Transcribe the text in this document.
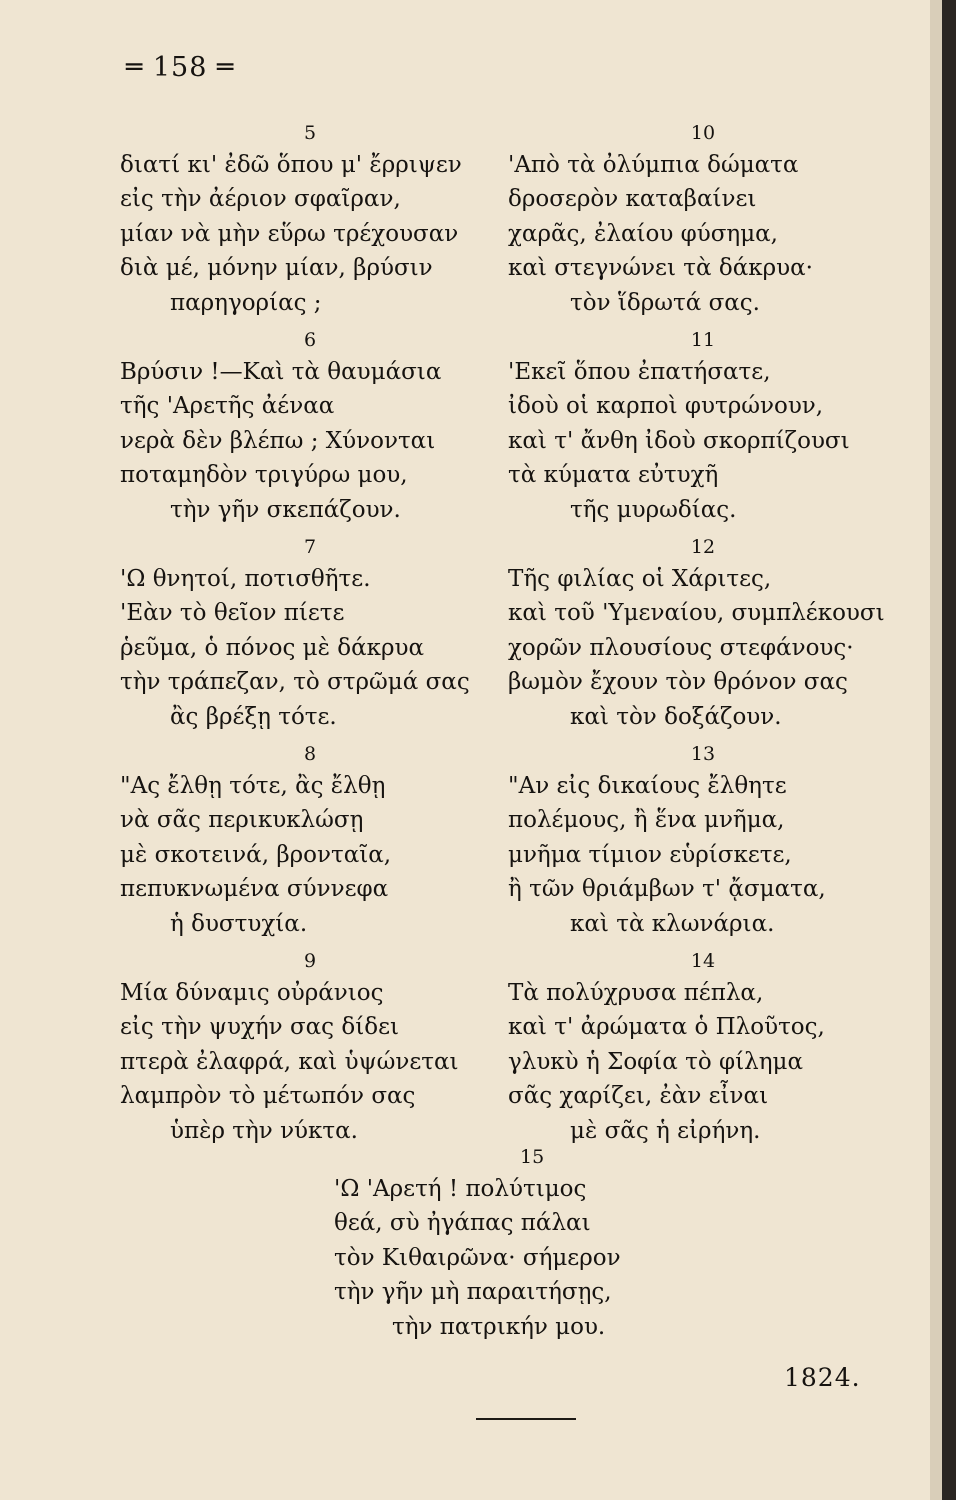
═ 158 ═
5
διατί κι' ἐδῶ ὅπου μ' ἔρριψεν
εἰς τὴν ἀέριον σφαῖραν,
μίαν νὰ μὴν εὕρω τρέχουσαν
διὰ μέ, μόνην μίαν, βρύσιν
παρηγορίας ;
6
Βρύσιν !—Καὶ τὰ θαυμάσια
τῆς 'Αρετῆς ἀέναα
νερὰ δὲν βλέπω ; Χύνονται
ποταμηδὸν τριγύρω μου,
τὴν γῆν σκεπάζουν.
7
'Ω θνητοί, ποτισθῆτε.
'Εὰν τὸ θεῖον πίετε
ῥεῦμα, ὁ πόνος μὲ δάκρυα
τὴν τράπεζαν, τὸ στρῶμά σας
ἂς βρέξῃ τότε.
8
"Ας ἔλθῃ τότε, ἂς ἔλθῃ
νὰ σᾶς περικυκλώσῃ
μὲ σκοτεινά, βρονταῖα,
πεπυκνωμένα σύννεφα
ἡ δυστυχία.
9
Μία δύναμις οὐράνιος
εἰς τὴν ψυχήν σας δίδει
πτερὰ ἐλαφρά, καὶ ὑψώνεται
λαμπρὸν τὸ μέτωπόν σας
ὑπὲρ τὴν νύκτα.
10
'Απὸ τὰ ὀλύμπια δώματα
δροσερὸν καταβαίνει
χαρᾶς, ἐλαίου φύσημα,
καὶ στεγνώνει τὰ δάκρυα·
τὸν ἵδρωτά σας.
11
'Εκεῖ ὅπου ἐπατήσατε,
ἰδοὺ οἱ καρποὶ φυτρώνουν,
καὶ τ' ἄνθη ἰδοὺ σκορπίζουσι
τὰ κύματα εὐτυχῆ
τῆς μυρωδίας.
12
Τῆς φιλίας οἱ Χάριτες,
καὶ τοῦ 'Υμεναίου, συμπλέκουσι
χορῶν πλουσίους στεφάνους·
βωμὸν ἔχουν τὸν θρόνον σας
καὶ τὸν δοξάζουν.
13
"Αν εἰς δικαίους ἔλθητε
πολέμους, ἢ ἕνα μνῆμα,
μνῆμα τίμιον εὑρίσκετε,
ἢ τῶν θριάμβων τ' ᾄσματα,
καὶ τὰ κλωνάρια.
14
Τὰ πολύχρυσα πέπλα,
καὶ τ' ἀρώματα ὁ Πλοῦτος,
γλυκὺ ἡ Σοφία τὸ φίλημα
σᾶς χαρίζει, ἐὰν εἶναι
μὲ σᾶς ἡ εἰρήνη.
15
'Ω 'Αρετή ! πολύτιμος
θεά, σὺ ἠγάπας πάλαι
τὸν Κιθαιρῶνα· σήμερον
τὴν γῆν μὴ παραιτήσῃς,
τὴν πατρικήν μου.
1824.
